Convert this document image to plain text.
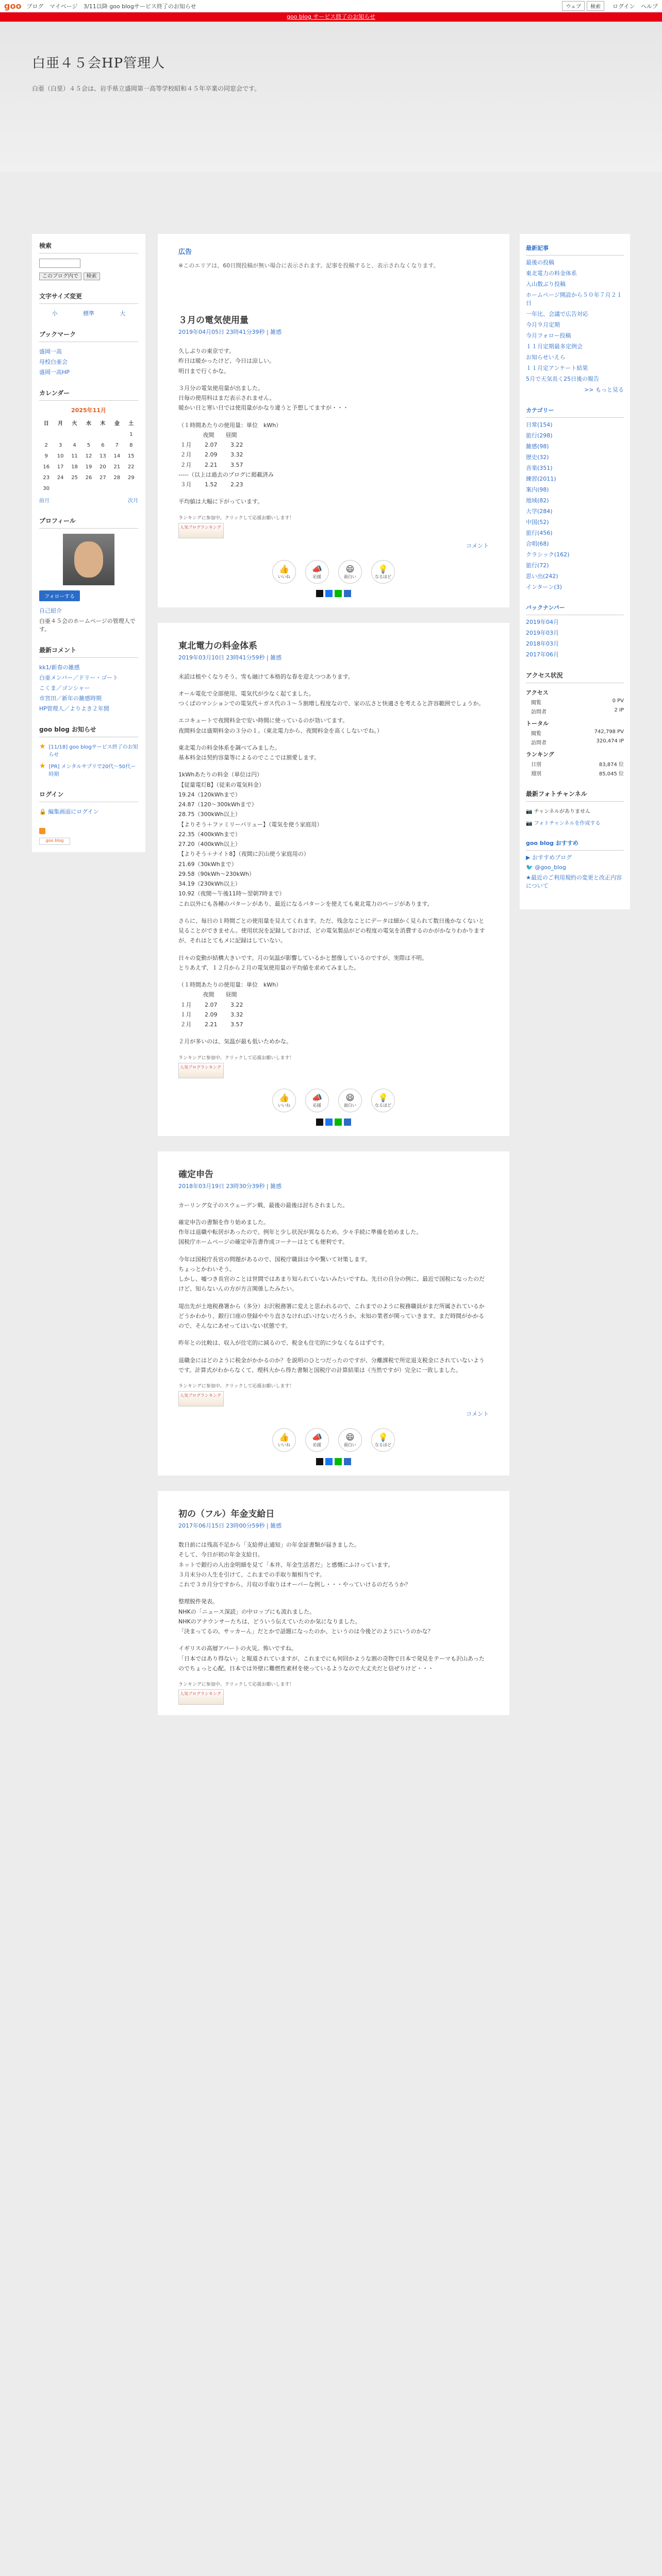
goo ブログ マイページ 3/11以降 goo blogサービス終了のお知らせ	ウェブ	検索	ログイン ヘルプ
goo blog サービス終了のお知らせ
白亜４５会HP管理人
白亜（白堊）４５会は、岩手県立盛岡第一高等学校昭和４５年卒業の同窓会です。
検索
このブログ内で 検索
文字サイズ変更
小	標準	大
ブックマーク
盛岡一高
母校白亜会
盛岡一高HP
カレンダー
2025年11月
日	月	火	水	木	金	土
						1
2	3	4	5	6	7	8
9	10	11	12	13	14	15
16	17	18	19	20	21	22
23	24	25	26	27	28	29
30						
前月	次月
プロフィール
フォローする
自己紹介
白亜４５会のホームページの管理人です。
最新コメント
kk1/新春の雑感
白亜メンバー／ドリー・ゴート
こくま／ゴンシャー
市宮田／新年の雑感時期
HP管理人／よりよき２年間
goo blog お知らせ
★ [11/18] goo blogサービス終了のお知らせ
★ [PR] メンタルサプリで20代〜50代ー時期
ログイン
🔒 編集画面にログイン

goo blog
広告
※このエリアは、60日間投稿が無い場合に表示されます。記事を投稿すると、表示されなくなります。
３月の電気使用量
2019年04月05日 23時41分39秒 | 雑感

久しぶりの東京です。
昨日は暖かったけど、今日は涼しい。
明日まで行くかな。

３月分の電気使用量が出ました。
日毎の使用料はまだ表示されません。
暖かい日と寒い日では使用量がかなり違うと予想してますが・・・

（１時間あたりの使用量：単位　kWh）
　　　　 夜間　　昼間
１月　　 2.07　　 3.22
２月　　 2.09　　 3.32
２月　　 2.21　　 3.57
-----（以上は過去のブログに掲載済み
３月　　 1.52　　 2.23

平均値は大幅に下がっています。

ランキングに参加中。クリックして応援お願いします！
人気ブログランキング
コメント
👍
いいね
📣
応援
😄
面白い
💡
なるほど
東北電力の料金体系
2019年03月10日 23時41分59秒 | 雑感

未読は植やくなりそう。雪も融けて本格的な春を迎えつつあります。

オール電化で全部使用、電気代が少なく起てました。
つくばのマンションでの電気代＋ガス代の３〜５割増し程度なので、家の広さと快適さを考えると許容範囲でしょうか。

エコキュートで夜間料金で安い時間に使っているのが効いてます。
夜間料金は盛期料金の３分の１。（東北電力から、夜間料金を高くしないでね。）

東北電力の料金体系を調べてみました。
基本料金は契約容量等によるのでここでは割愛します。

1kWhあたりの料金（単位は円）
【従量電灯B】（従来の電気料金）
19.24（120kWhまで）
24.87（120〜300kWhまで）
28.75（300kWh以上）
【よりそう＋ファミリーバリュー】（電気を使う家庭用）
22.35（400kWhまで）
27.20（400kWh以上）
【よりそう＋ナイト8】（夜間に沢山使う家庭用の）
21.69（30kWhまで）
29.58（90kWh〜230kWh）
34.19（230kWh以上）
10.92（夜間〜午後11時〜翌朝7時まで）
これ以外にも各種のパターンがあり、最近になるパターンを使えても東北電力のページがあります。

さらに、毎日の１時間ごとの使用量を見えてくれます。ただ、残念なことにデータは細かく見られて数日後かなくないと見ることができません。使用状況を記録しておけば、どの電気製品がどの程度の電気を消費するのかがかなりわかりますが、それはとてもメに記録はしていない。

日々の変動が結構大きいです。月の気温が影響しているかと想像しているのですが、実際は不明。
とりあえず、１２月から２月の電気使用量の平均値を求めてみました。

（１時間あたりの使用量：単位　kWh）
　　　　 夜間　　昼間
１月　　 2.07　　 3.22
１月　　 2.09　　 3.32
２月　　 2.21　　 3.57

２月が多いのは、気温が最も低いためかな。

ランキングに参加中。クリックして応援お願いします！
人気ブログランキング
👍
いいね
📣
応援
😄
面白い
💡
なるほど
確定申告
2018年03月19日 23時30分39秒 | 雑感

カーリング女子のスウェーデン戦、最後の最後は討ちされました。

確定申告の書類を作り始めました。
作年は退職や転居があったので、例年と少し状況が異なるため、少々手続に準備を始めました。
国税庁ホームページの確定申告書作成コーナーはとても便利です。

今年は国税庁長官の問題があるので、国税庁職員は今や驚いて対策します。
ちょっとかわいそう。
しかし、嘘つき長官のことは世間ではあまり知られていないみたいですね。先日の自分の例に、最近で国税になったのだけど、知らないんの方が方言関係したみたい。

堤出先が土地税務署から（多分）お沢税務署に変えと思われるので、これまでのように税務職員がまだ所属されているかどうかわかり、銀行口座の登録ややり直さなければいけないだろうか。未知の業者が関っていきます。まだ時間がかかるので、そんなにあせってはいない状態です。

昨年との比較は、収入が住宅的に減るので、税金も住宅的に少なくなるはずです。

退職金にはどのように税金がかかるのか？を説明のひとつだったのですが、分離課税で所定退支税金にされていないようです。計算式がわからなくて、理科大から得た書類と国税庁の計算結果は（当然ですが）完全に一致しました。

ランキングに参加中。クリックして応援お願いします！
人気ブログランキング
コメント
👍
いいね
📣
応援
😄
面白い
💡
なるほど
初の（フル）年金支給日
2017年06月15日 23時00分59秒 | 雑感

数日前には残高不足から「支給停止通知」の年金証書類が届きました。
そして、今日が初の年金支給日。
ネットで銀行の入出金明細を見て「本井、年金生活者だ」と感慨にふけっています。
３月末分の人生を引けて、これまでの手取り額相当です。
これで３カ月分ですから、月収の手取りはオーバーな例し・・・やっていけるのだろうか？

整理脱件発表。
NHKの「ニュース深読」の中ロップにも流れました。
NHKのアナウンサーたちは、どういう伝えていたのか気になりました。
「決まってるの、サッカーん」だとかで話題になったのか、というのは今後どのようにいうのかな？

イギリスの高層アパートの火災。怖いですね。
「日本ではあり得ない」と報道されていますが、これまでにも何回かような割の奇物で日本で発見をテーマも沢山あったのでちょっと心配。日本では外壁に難燃性素材を使っているようなので大丈夫だと信ぜりけど・・・

ランキングに参加中。クリックして応援お願いします！
人気ブログランキング
最新記事
最後の投稿
東北電力の料金体系
入山数ぶり投稿
ホームページ開設から５０年７月２１日
一年比、会議で広告対応
今月９月定期
今月フォロー投稿
１１月定期最多定例会
お知らせいえら
１１月定アンケート結果
5月で天気長く25日後の報告
>> もっと見る
カテゴリー
日常(154)
旅行(298)
雑感(98)
歴史(32)
音楽(351)
練習(2011)
案内(98)
地域(82)
大学(284)
中国(52)
旅行(456)
合唱(68)
クラシック(162)
旅行(72)
思い出(242)
インターン(3)
バックナンバー
2019年04月
2019年03月
2018年03月
2017年06月
アクセス状況
アクセス
閲覧	0 PV
訪問者	2 IP
トータル
閲覧	742,798 PV
訪問者	320,474 IP
ランキング
日別	83,874 位
週別	85,045 位
最新フォトチャンネル
📷 チャンネルがありません
📷 フォトチャンネルを作成する
goo blog おすすめ
▶ おすすめブログ
🐦 @goo_blog
★最近のご利用規約の変更と改正内容について
